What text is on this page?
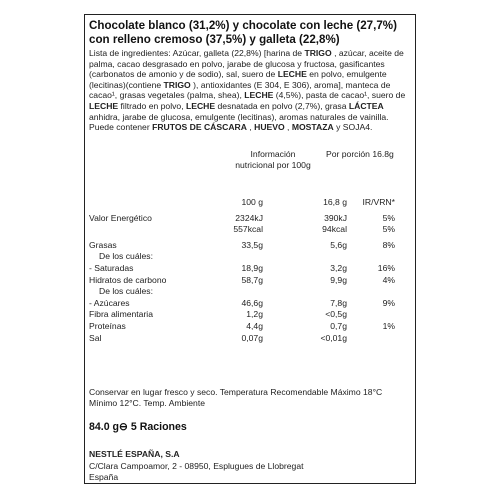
Chocolate blanco (31,2%) y chocolate con leche (27,7%) con relleno cremoso (37,5%) y galleta (22,8%)
Lista de ingredientes: Azúcar, galleta (22,8%) [harina de TRIGO , azúcar, aceite de palma, cacao desgrasado en polvo, jarabe de glucosa y fructosa, gasificantes (carbonatos de amonio y de sodio), sal, suero de LECHE en polvo, emulgente (lecitinas)(contiene TRIGO ), antioxidantes (E 304, E 306), aroma], manteca de cacao¹, grasas vegetales (palma, shea), LECHE (4,5%), pasta de cacao¹, suero de LECHE filtrado en polvo, LECHE desnatada en polvo (2,7%), grasa LÁCTEA anhidra, jarabe de glucosa, emulgente (lecitinas), aromas naturales de vainilla. Puede contener FRUTOS DE CÁSCARA , HUEVO , MOSTAZA y SOJA4.
Información nutricional por 100g
Por porción 16.8g
100 g	16,8 g IR/VRN*
Valor Energético	2324kJ	390kJ	5%
557kcal	94kcal	5%
Grasas	33,5g	5,6g	8%
De los cuáles:
- Saturadas	18,9g	3,2g	16%
Hidratos de carbono	58,7g	9,9g	4%
De los cuáles:
- Azúcares	46,6g	7,8g	9%
Fibra alimentaria	1,2g	<0,5g
Proteínas	4,4g	0,7g	1%
Sal	0,07g	<0,01g
Conservar en lugar fresco y seco. Temperatura Recomendable Máximo 18°C Mínimo 12°C. Temp. Ambiente
84.0 g⊖ 5 Raciones
NESTLÉ ESPAÑA, S.A
C/Clara Campoamor, 2 - 08950, Esplugues de Llobregat
España
